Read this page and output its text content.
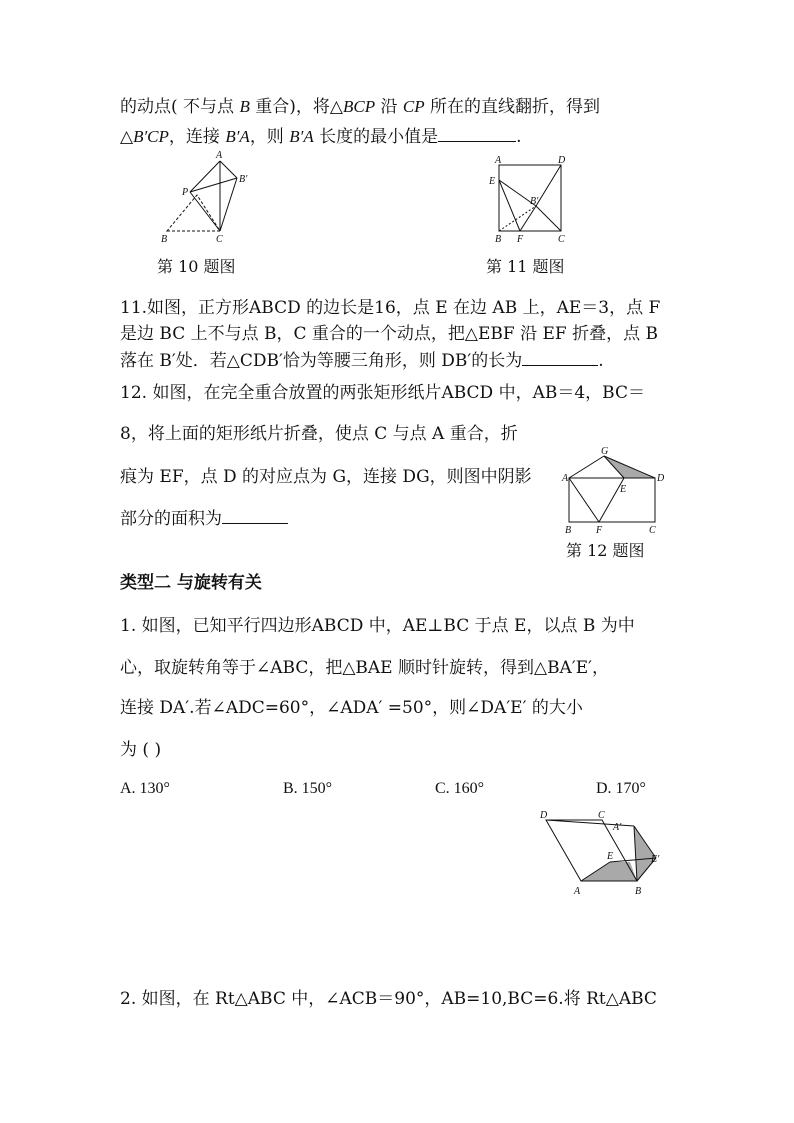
的动点( 不与点 B 重合)，将△BCP 沿 CP 所在的直线翻折，得到
△B′CP，连接 B′A，则 B′A 长度的最小值是	.
A
B′
P
B	C
第 10 题图
A	D
E
B′
B F	C
第 11 题图
11.如图，正方形ABCD 的边长是16，点 E 在边 AB 上，AE＝3，点 F
是边 BC 上不与点 B，C 重合的一个动点，把△EBF 沿 EF 折叠，点 B
落在 B′处．若△CDB′恰为等腰三角形，则 DB′的长为	.
12. 如图，在完全重合放置的两张矩形纸片ABCD 中，AB＝4，BC＝
8，将上面的矩形纸片折叠，使点 C 与点 A 重合，折
痕为 EF，点 D 的对应点为 G，连接 DG，则图中阴影
部分的面积为
G
A
E
D
B F	C
第 12 题图
类型二 与旋转有关
1. 如图，已知平行四边形ABCD 中，AE⊥BC 于点 E，以点 B 为中
心，取旋转角等于∠ABC，把△BAE 顺时针旋转，得到△BA′E′，
连接 DA′.若∠ADC=60°，∠ADA′ =50°，则∠DA′E′ 的大小
为 ( )
A. 130°	B. 150°	C. 160°	D. 170°
D	C
A′
E	E′
A	B
2. 如图，在 Rt△ABC 中，∠ACB＝90°，AB=10,BC=6.将 Rt△ABC
